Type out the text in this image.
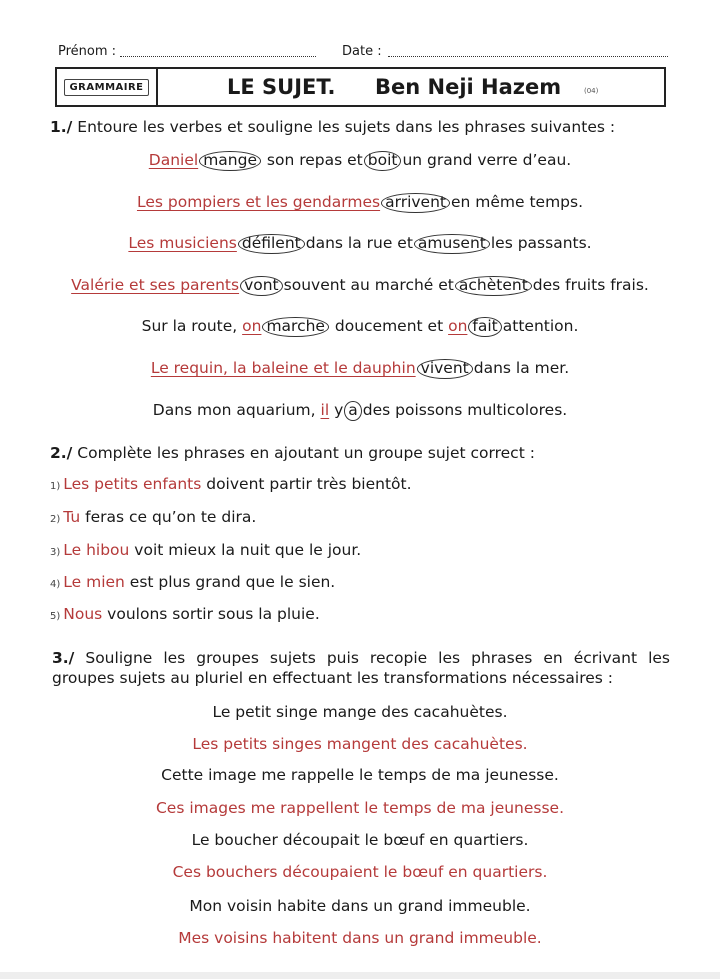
Prénom :	Date :
GRAMMAIRE	LE SUJET. Ben Neji Hazem	(04)
1./ Entoure les verbes et souligne les sujets dans les phrases suivantes :
Daniel mange son repas et boit un grand verre d’eau.
Les pompiers et les gendarmes arrivent en même temps.
Les musiciens défilent dans la rue et amusent les passants.
Valérie et ses parents vont souvent au marché et achètent des fruits frais.
Sur la route, on marche doucement et on fait attention.
Le requin, la baleine et le dauphin vivent dans la mer.
Dans mon aquarium, il y a des poissons multicolores.
2./ Complète les phrases en ajoutant un groupe sujet correct :
1) Les petits enfants doivent partir très bientôt.
2) Tu feras ce qu’on te dira.
3) Le hibou voit mieux la nuit que le jour.
4) Le mien est plus grand que le sien.
5) Nous voulons sortir sous la pluie.
3./ Souligne les groupes sujets puis recopie les phrases en écrivant les
groupes sujets au pluriel en effectuant les transformations nécessaires :
Le petit singe mange des cacahuètes.
Les petits singes mangent des cacahuètes.
Cette image me rappelle le temps de ma jeunesse.
Ces images me rappellent le temps de ma jeunesse.
Le boucher découpait le bœuf en quartiers.
Ces bouchers découpaient le bœuf en quartiers.
Mon voisin habite dans un grand immeuble.
Mes voisins habitent dans un grand immeuble.
